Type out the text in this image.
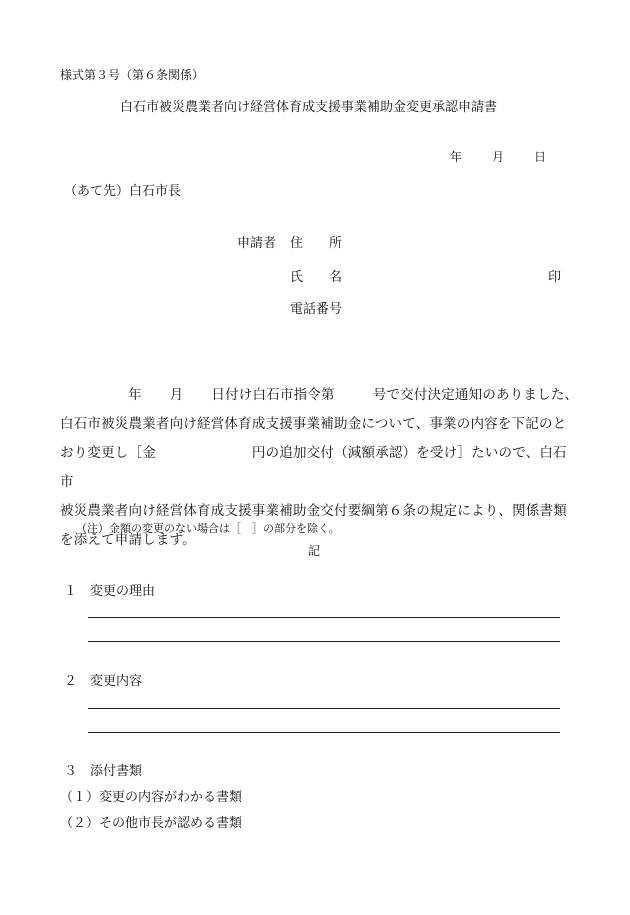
様式第３号（第６条関係）
白石市被災農業者向け経営体育成支援事業補助金変更承認申請書
年 月 日
（あて先）白石市長
申請者 住　　所
氏　　名	印
電話番号
年 月 日付け白石市指令第	号で交付決定通知のありました、
白石市被災農業者向け経営体育成支援事業補助金について、事業の内容を下記のと
おり変更し［金	円の追加交付（減額承認）を受け］たいので、白石市
被災農業者向け経営体育成支援事業補助金交付要綱第６条の規定により、関係書類
を添えて申請します。
（注）金額の変更のない場合は［　］の部分を除く。
記
１　変更の理由
２　変更内容
３　添付書類
（１）変更の内容がわかる書類
（２）その他市長が認める書類
